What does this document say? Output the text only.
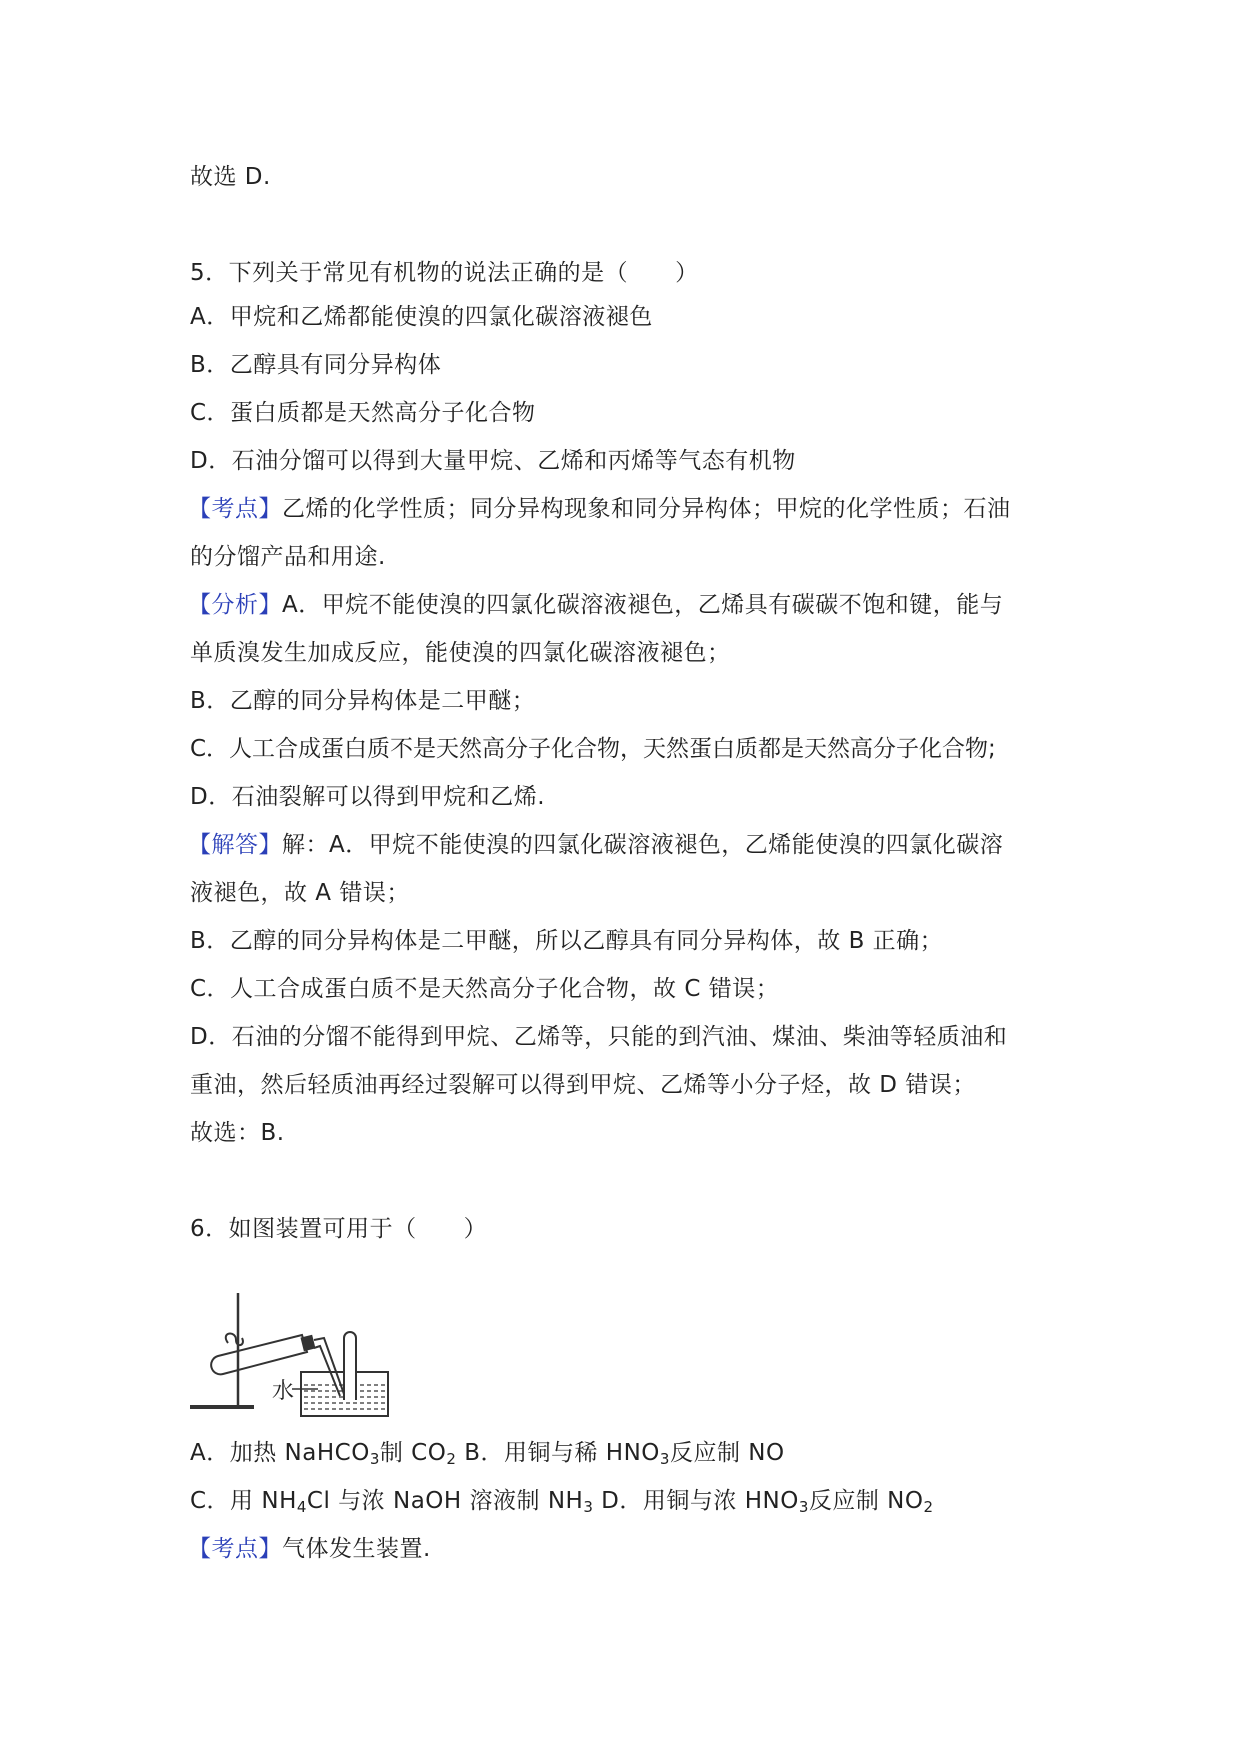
故选 D.
5．下列关于常见有机物的说法正确的是（　　）
A．甲烷和乙烯都能使溴的四氯化碳溶液褪色
B．乙醇具有同分异构体
C．蛋白质都是天然高分子化合物
D．石油分馏可以得到大量甲烷、乙烯和丙烯等气态有机物
【考点】乙烯的化学性质；同分异构现象和同分异构体；甲烷的化学性质；石油
的分馏产品和用途.
【分析】A．甲烷不能使溴的四氯化碳溶液褪色，乙烯具有碳碳不饱和键，能与
单质溴发生加成反应，能使溴的四氯化碳溶液褪色；
B．乙醇的同分异构体是二甲醚；
C．人工合成蛋白质不是天然高分子化合物，天然蛋白质都是天然高分子化合物;
D．石油裂解可以得到甲烷和乙烯.
【解答】解：A．甲烷不能使溴的四氯化碳溶液褪色，乙烯能使溴的四氯化碳溶
液褪色，故 A 错误；
B．乙醇的同分异构体是二甲醚，所以乙醇具有同分异构体，故 B 正确；
C．人工合成蛋白质不是天然高分子化合物，故 C 错误；
D．石油的分馏不能得到甲烷、乙烯等，只能的到汽油、煤油、柴油等轻质油和
重油，然后轻质油再经过裂解可以得到甲烷、乙烯等小分子烃，故 D 错误；
故选：B.
6．如图装置可用于（　　）
水
A．加热 NaHCO$_3$制 $CO_2$ B．用铜与稀 $HNO_3$反应制 NO
C．用 $NH_4Cl$ 与浓 NaOH 溶液制 $NH_3$ D．用铜与浓 $HNO_3$反应制 $NO_2$
【考点】气体发生装置.
